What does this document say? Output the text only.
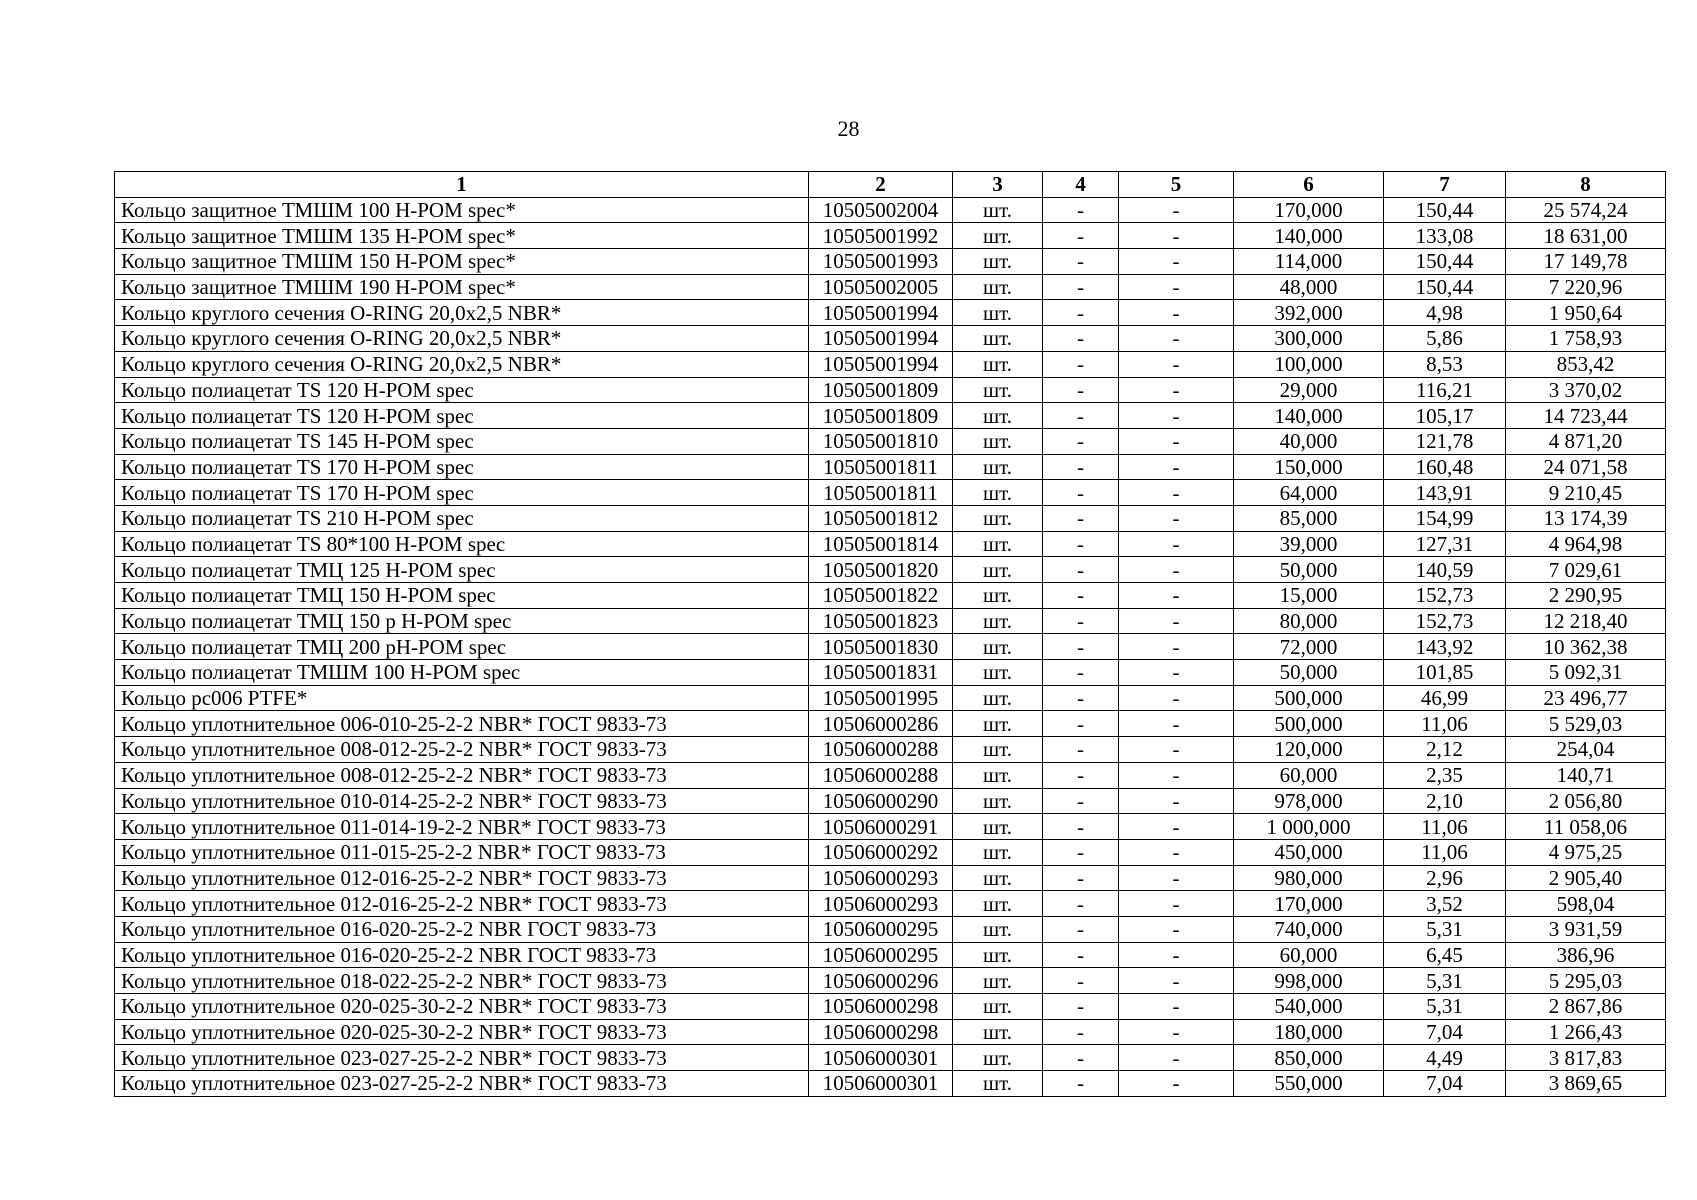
28
1	2	3	4	5	6	7	8
Кольцо защитное ТМШМ 100 H-POM spec*	10505002004	шт.	-	-	170,000	150,44	25 574,24
Кольцо защитное ТМШМ 135 H-POM spec*	10505001992	шт.	-	-	140,000	133,08	18 631,00
Кольцо защитное ТМШМ 150 H-POM spec*	10505001993	шт.	-	-	114,000	150,44	17 149,78
Кольцо защитное ТМШМ 190 H-POM spec*	10505002005	шт.	-	-	48,000	150,44	7 220,96
Кольцо круглого сечения O-RING 20,0x2,5 NBR*	10505001994	шт.	-	-	392,000	4,98	1 950,64
Кольцо круглого сечения O-RING 20,0x2,5 NBR*	10505001994	шт.	-	-	300,000	5,86	1 758,93
Кольцо круглого сечения O-RING 20,0x2,5 NBR*	10505001994	шт.	-	-	100,000	8,53	853,42
Кольцо полиацетат TS 120 H-POM spec	10505001809	шт.	-	-	29,000	116,21	3 370,02
Кольцо полиацетат TS 120 H-POM spec	10505001809	шт.	-	-	140,000	105,17	14 723,44
Кольцо полиацетат TS 145 H-POM spec	10505001810	шт.	-	-	40,000	121,78	4 871,20
Кольцо полиацетат TS 170 H-POM spec	10505001811	шт.	-	-	150,000	160,48	24 071,58
Кольцо полиацетат TS 170 H-POM spec	10505001811	шт.	-	-	64,000	143,91	9 210,45
Кольцо полиацетат TS 210 H-POM spec	10505001812	шт.	-	-	85,000	154,99	13 174,39
Кольцо полиацетат TS 80*100 H-POM spec	10505001814	шт.	-	-	39,000	127,31	4 964,98
Кольцо полиацетат ТМЦ 125 H-POM spec	10505001820	шт.	-	-	50,000	140,59	7 029,61
Кольцо полиацетат ТМЦ 150 H-POM spec	10505001822	шт.	-	-	15,000	152,73	2 290,95
Кольцо полиацетат ТМЦ 150 p H-POM spec	10505001823	шт.	-	-	80,000	152,73	12 218,40
Кольцо полиацетат ТМЦ 200 pH-POM spec	10505001830	шт.	-	-	72,000	143,92	10 362,38
Кольцо полиацетат ТМШМ 100 H-POM spec	10505001831	шт.	-	-	50,000	101,85	5 092,31
Кольцо pc006 PTFE*	10505001995	шт.	-	-	500,000	46,99	23 496,77
Кольцо уплотнительное 006-010-25-2-2 NBR* ГОСТ 9833-73	10506000286	шт.	-	-	500,000	11,06	5 529,03
Кольцо уплотнительное 008-012-25-2-2 NBR* ГОСТ 9833-73	10506000288	шт.	-	-	120,000	2,12	254,04
Кольцо уплотнительное 008-012-25-2-2 NBR* ГОСТ 9833-73	10506000288	шт.	-	-	60,000	2,35	140,71
Кольцо уплотнительное 010-014-25-2-2 NBR* ГОСТ 9833-73	10506000290	шт.	-	-	978,000	2,10	2 056,80
Кольцо уплотнительное 011-014-19-2-2 NBR* ГОСТ 9833-73	10506000291	шт.	-	-	1 000,000	11,06	11 058,06
Кольцо уплотнительное 011-015-25-2-2 NBR* ГОСТ 9833-73	10506000292	шт.	-	-	450,000	11,06	4 975,25
Кольцо уплотнительное 012-016-25-2-2 NBR* ГОСТ 9833-73	10506000293	шт.	-	-	980,000	2,96	2 905,40
Кольцо уплотнительное 012-016-25-2-2 NBR* ГОСТ 9833-73	10506000293	шт.	-	-	170,000	3,52	598,04
Кольцо уплотнительное 016-020-25-2-2 NBR ГОСТ 9833-73	10506000295	шт.	-	-	740,000	5,31	3 931,59
Кольцо уплотнительное 016-020-25-2-2 NBR ГОСТ 9833-73	10506000295	шт.	-	-	60,000	6,45	386,96
Кольцо уплотнительное 018-022-25-2-2 NBR* ГОСТ 9833-73	10506000296	шт.	-	-	998,000	5,31	5 295,03
Кольцо уплотнительное 020-025-30-2-2 NBR* ГОСТ 9833-73	10506000298	шт.	-	-	540,000	5,31	2 867,86
Кольцо уплотнительное 020-025-30-2-2 NBR* ГОСТ 9833-73	10506000298	шт.	-	-	180,000	7,04	1 266,43
Кольцо уплотнительное 023-027-25-2-2 NBR* ГОСТ 9833-73	10506000301	шт.	-	-	850,000	4,49	3 817,83
Кольцо уплотнительное 023-027-25-2-2 NBR* ГОСТ 9833-73	10506000301	шт.	-	-	550,000	7,04	3 869,65
